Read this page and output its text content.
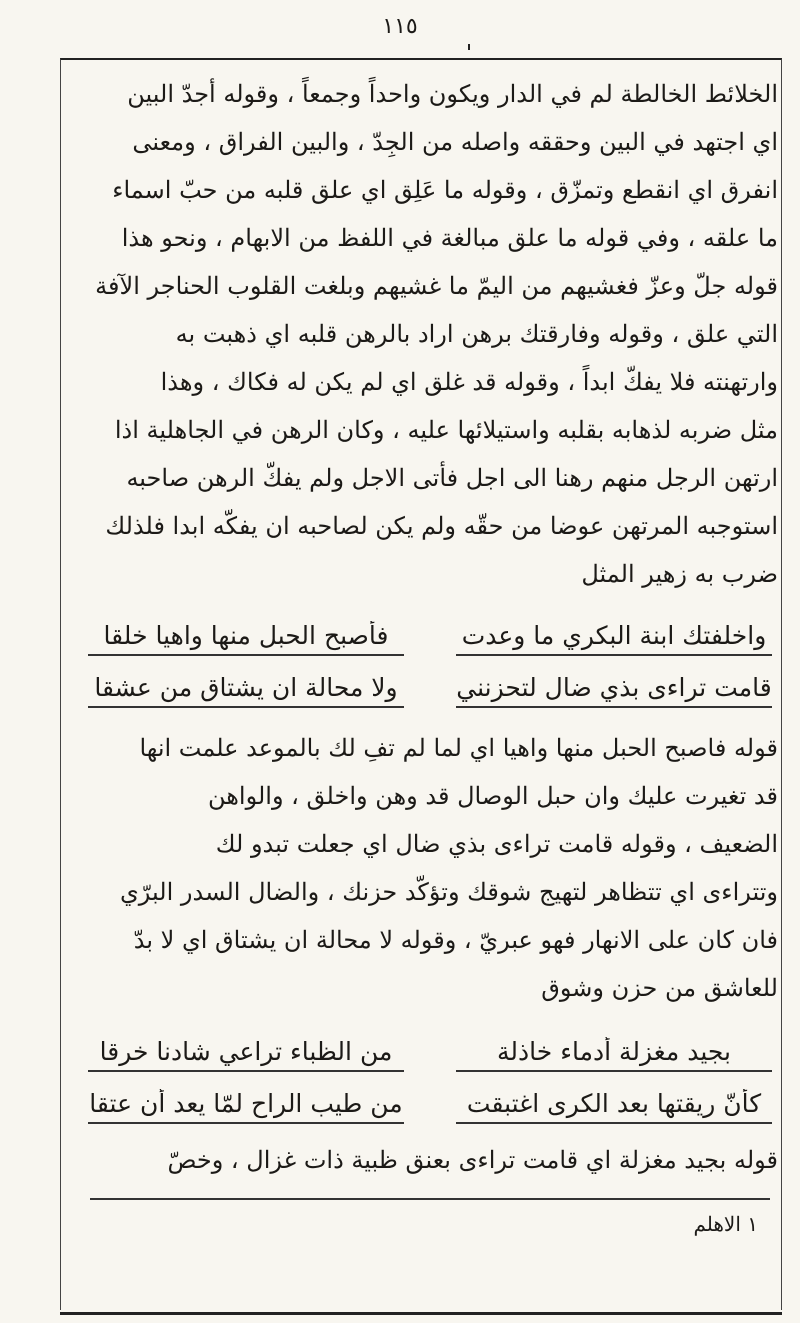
١١٥
الخلائط الخالطة لم في الدار ويكون واحداً وجمعاً ، وقوله أجدّ البين
اي اجتهد في البين وحققه واصله من الجِدّ ، والبين الفراق ، ومعنى
انفرق اي انقطع وتمزّق ، وقوله ما عَلِق اي علق قلبه من حبّ اسماء
ما علقه ، وفي قوله ما علق مبالغة في اللفظ من الابهام ، ونحو هذا
قوله جلّ وعزّ فغشيهم من اليمّ ما غشيهم وبلغت القلوب الحناجر الآفة
التي علق ، وقوله وفارقتك برهن اراد بالرهن قلبه اي ذهبت به
وارتهنته فلا يفكّ ابداً ، وقوله قد غلق اي لم يكن له فكاك ، وهذا
مثل ضربه لذهابه بقلبه واستيلائها عليه ، وكان الرهن في الجاهلية اذا
ارتهن الرجل منهم رهنا الى اجل فأتى الاجل ولم يفكّ الرهن صاحبه
استوجبه المرتهن عوضا من حقّه ولم يكن لصاحبه ان يفكّه ابدا فلذلك
ضرب به زهير المثل
واخلفتك ابنة البكري ما وعدت
فأصبح الحبل منها واهيا خلقا
قامت تراءى بذي ضال لتحزنني
ولا محالة ان يشتاق من عشقا
قوله فاصبح الحبل منها واهيا اي لما لم تفِ لك بالموعد علمت انها
قد تغيرت عليك وان حبل الوصال قد وهن واخلق ، والواهن
الضعيف ، وقوله قامت تراءى بذي ضال اي جعلت تبدو لك
وتتراءى اي تتظاهر لتهيج شوقك وتؤكّد حزنك ، والضال السدر البرّي
فان كان على الانهار فهو عبريّ ، وقوله لا محالة ان يشتاق اي لا بدّ
للعاشق من حزن وشوق
بجيد مغزلة أدماء خاذلة
من الظباء تراعي شادنا خرقا
كأنّ ريقتها بعد الكرى اغتبقت
من طيب الراح لمّا يعد أن عتقا
قوله بجيد مغزلة اي قامت تراءى بعنق ظبية ذات غزال ، وخصّ
١ الاهلم
